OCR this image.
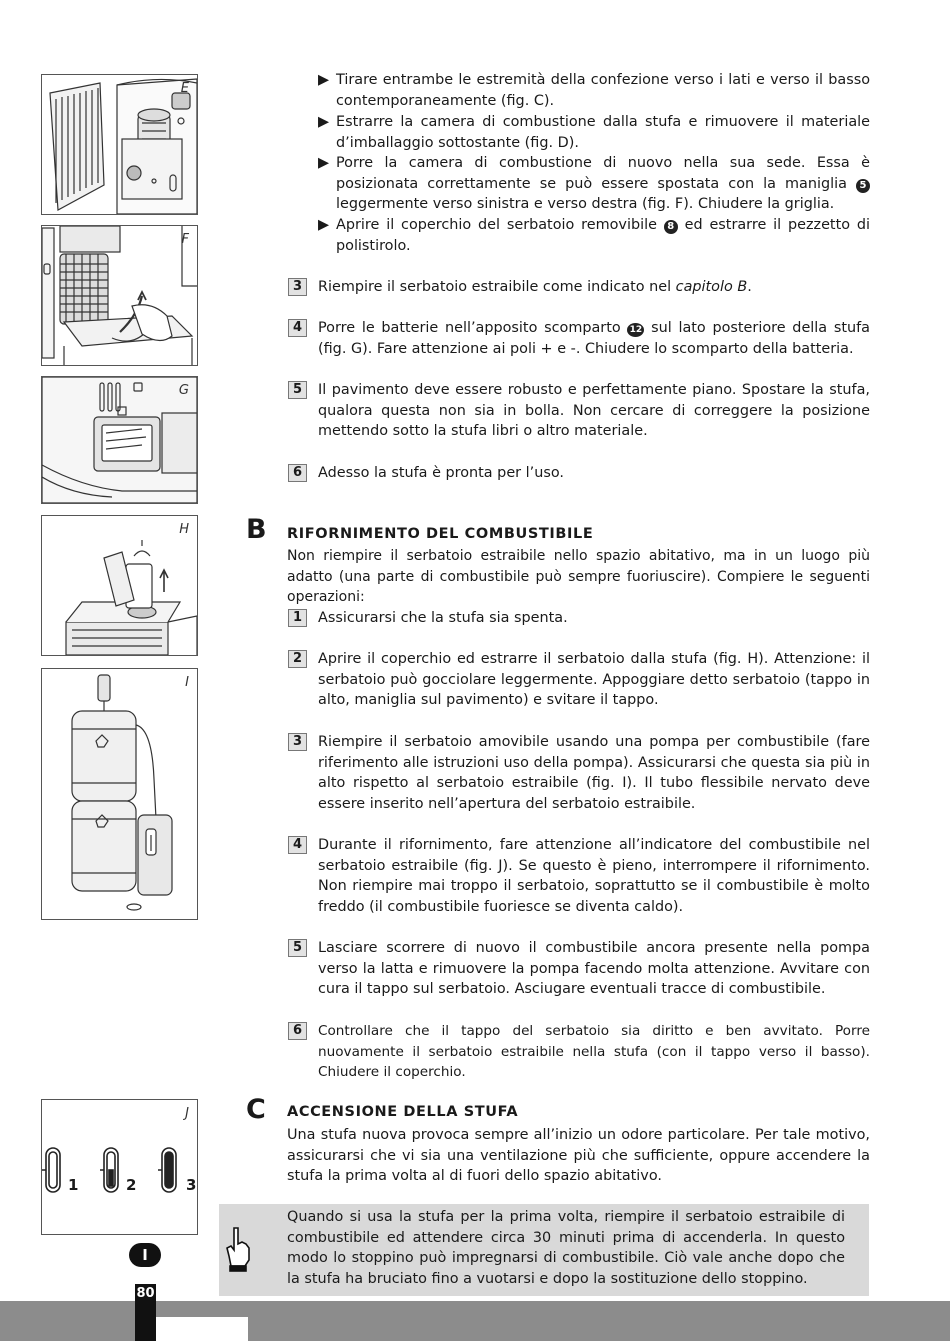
E
F
G
H
I
J
1	2	3
▶ Tirare entrambe le estremità della confezione verso i lati e verso il basso contemporaneamente (fig. C).
▶ Estrarre la camera di combustione dalla stufa e rimuovere il materiale d’imballaggio sottostante (fig. D).
▶ Porre la camera di combustione di nuovo nella sua sede. Essa è posizionata correttamente se può essere spostata con la maniglia 5 leggermente verso sinistra e verso destra (fig. F). Chiudere la griglia.
▶ Aprire il coperchio del serbatoio removibile 8 ed estrarre il pezzetto di polistirolo.
3	Riempire il serbatoio estraibile come indicato nel capitolo B.
4	Porre le batterie nell’apposito scomparto 12 sul lato posteriore della stufa (fig. G). Fare attenzione ai poli + e -. Chiudere lo scomparto della batteria.
5	Il pavimento deve essere robusto e perfettamente piano. Spostare la stufa, qualora questa non sia in bolla. Non cercare di correggere la posizione mettendo sotto la stufa libri o altro materiale.
6	Adesso la stufa è pronta per l’uso.
B RIFORNIMENTO DEL COMBUSTIBILE
Non riempire il serbatoio estraibile nello spazio abitativo, ma in un luogo più adatto (una parte di combustibile può sempre fuoriuscire). Compiere le seguenti operazioni:
1	Assicurarsi che la stufa sia spenta.
2	Aprire il coperchio ed estrarre il serbatoio dalla stufa (fig. H). Attenzione: il serbatoio può gocciolare leggermente. Appoggiare detto serbatoio (tappo in alto, maniglia sul pavimento) e svitare il tappo.
3	Riempire il serbatoio amovibile usando una pompa per combustibile (fare riferimento alle istruzioni uso della pompa). Assicurarsi che questa sia più in alto rispetto al serbatoio estraibile (fig. I). Il tubo flessibile nervato deve essere inserito nell’apertura del serbatoio estraibile.
4	Durante il rifornimento, fare attenzione all’indicatore del combustibile nel serbatoio estraibile (fig. J). Se questo è pieno, interrompere il rifornimento. Non riempire mai troppo il serbatoio, soprattutto se il combustibile è molto freddo (il combustibile fuoriesce se diventa caldo).
5	Lasciare scorrere di nuovo il combustibile ancora presente nella pompa verso la latta e rimuovere la pompa facendo molta attenzione. Avvitare con cura il tappo sul serbatoio. Asciugare eventuali tracce di combustibile.
6	Controllare che il tappo del serbatoio sia diritto e ben avvitato. Porre nuovamente il serbatoio estraibile nella stufa (con il tappo verso il basso). Chiudere il coperchio.
C ACCENSIONE DELLA STUFA
Una stufa nuova provoca sempre all’inizio un odore particolare. Per tale motivo, assicurarsi che vi sia una ventilazione più che sufficiente, oppure accendere la stufa la prima volta al di fuori dello spazio abitativo.
Quando si usa la stufa per la prima volta, riempire il serbatoio estraibile di combustibile ed attendere circa 30 minuti prima di accenderla. In questo modo lo stoppino può impregnarsi di combustibile. Ciò vale anche dopo che la stufa ha bruciato fino a vuotarsi e dopo la sostituzione dello stoppino.
I
80
